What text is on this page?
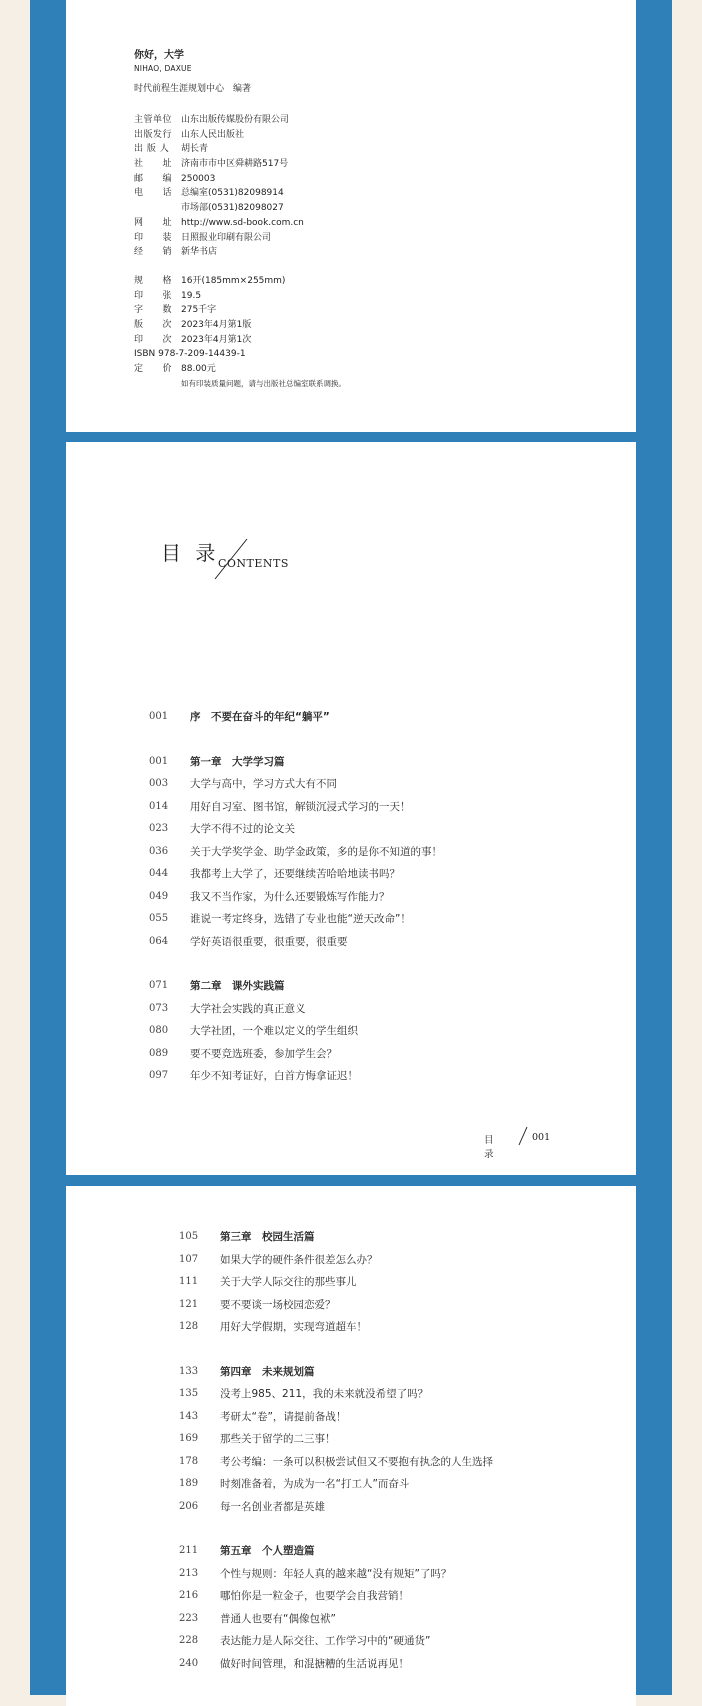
你好，大学
NIHAO, DAXUE
时代前程生涯规划中心　编著
主管单位 山东出版传媒股份有限公司
出版发行 山东人民出版社
出 版 人	胡长青
社　　址 济南市市中区舜耕路517号
邮　　编 250003
电　　话 总编室(0531)82098914
市场部(0531)82098027
网　　址 http://www.sd-book.com.cn
印　　装 日照报业印刷有限公司
经　　销 新华书店
规　　格 16开(185mm×255mm)
印　　张 19.5
字　　数 275千字
版　　次 2023年4月第1版
印　　次 2023年4月第1次
ISBN 978-7-209-14439-1
定　　价 88.00元
如有印装质量问题，请与出版社总编室联系调换。
目 录
CONTENTS
001	序　不要在奋斗的年纪“躺平”
001	第一章　大学学习篇
003	大学与高中，学习方式大有不同
014	用好自习室、图书馆，解锁沉浸式学习的一天！
023	大学不得不过的论文关
036	关于大学奖学金、助学金政策，多的是你不知道的事！
044	我都考上大学了，还要继续苦哈哈地读书吗？
049	我又不当作家，为什么还要锻炼写作能力？
055	谁说一考定终身，选错了专业也能“逆天改命”！
064	学好英语很重要，很重要，很重要
071	第二章　课外实践篇
073	大学社会实践的真正意义
080	大学社团，一个难以定义的学生组织
089	要不要竞选班委，参加学生会？
097	年少不知考证好，白首方悔拿证迟！
目 录
001
105	第三章　校园生活篇
107	如果大学的硬件条件很差怎么办？
111	关于大学人际交往的那些事儿
121	要不要谈一场校园恋爱？
128	用好大学假期，实现弯道超车！
133	第四章　未来规划篇
135	没考上985、211，我的未来就没希望了吗？
143	考研太“卷”，请提前备战！
169	那些关于留学的二三事！
178	考公考编：一条可以积极尝试但又不要抱有执念的人生选择
189	时刻准备着，为成为一名“打工人”而奋斗
206	每一名创业者都是英雄
211	第五章　个人塑造篇
213	个性与规则：年轻人真的越来越“没有规矩”了吗？
216	哪怕你是一粒金子，也要学会自我营销！
223	普通人也要有“偶像包袱”
228	表达能力是人际交往、工作学习中的“硬通货”
240	做好时间管理，和混搪糟的生活说再见！
